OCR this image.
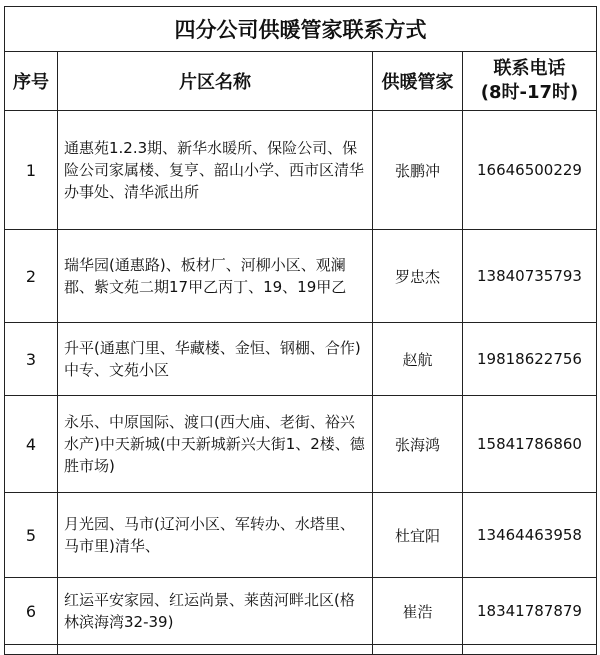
四分公司供暖管家联系方式			
序号	片区名称	供暖管家	联系电话
(8时-17时)

1	通惠苑1.2.3期、新华水暖所、保险公司、保险公司家属楼、复亨、韶山小学、西市区清华办事处、清华派出所	张鹏冲	16646500229
2	瑞华园(通惠路)、板材厂、河柳小区、观澜郡、紫文苑二期17甲乙丙丁、19、19甲乙	罗忠杰	13840735793
3	升平(通惠门里、华藏楼、金恒、钢棚、合作)中专、文苑小区	赵航	19818622756
4	永乐、中原国际、渡口(西大庙、老街、裕兴水产)中天新城(中天新城新兴大街1、2楼、德胜市场)	张海鸿	15841786860
5	月光园、马市(辽河小区、军转办、水塔里、马市里)清华、	杜宜阳	13464463958
6	红运平安家园、红运尚景、莱茵河畔北区(格林滨海湾32-39)	崔浩	18341787879
